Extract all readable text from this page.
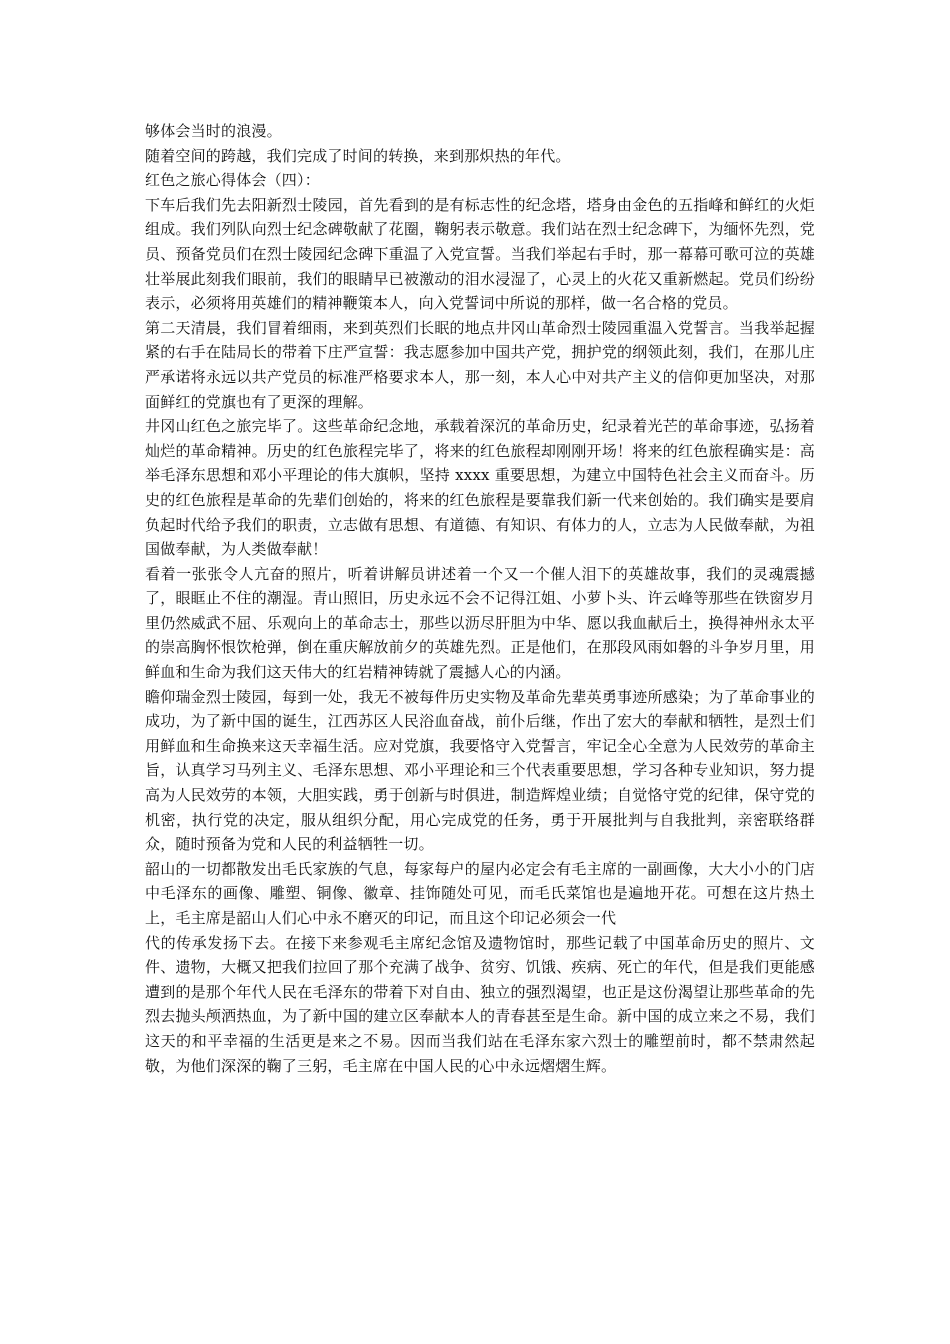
够体会当时的浪漫。

随着空间的跨越，我们完成了时间的转换，来到那炽热的年代。

红色之旅心得体会（四）：

下车后我们先去阳新烈士陵园，首先看到的是有标志性的纪念塔，塔身由金色的五指峰和鲜红的火炬组成。我们列队向烈士纪念碑敬献了花圈，鞠躬表示敬意。我们站在烈士纪念碑下，为缅怀先烈，党员、预备党员们在烈士陵园纪念碑下重温了入党宣誓。当我们举起右手时，那一幕幕可歌可泣的英雄壮举展此刻我们眼前，我们的眼睛早已被激动的泪水浸湿了，心灵上的火花又重新燃起。党员们纷纷表示，必须将用英雄们的精神鞭策本人，向入党誓词中所说的那样，做一名合格的党员。

第二天清晨，我们冒着细雨，来到英烈们长眠的地点井冈山革命烈士陵园重温入党誓言。当我举起握紧的右手在陆局长的带着下庄严宣誓：我志愿参加中国共产党，拥护党的纲领此刻，我们，在那儿庄严承诺将永远以共产党员的标准严格要求本人，那一刻，本人心中对共产主义的信仰更加坚决，对那面鲜红的党旗也有了更深的理解。

井冈山红色之旅完毕了。这些革命纪念地，承载着深沉的革命历史，纪录着光芒的革命事迹，弘扬着灿烂的革命精神。历史的红色旅程完毕了，将来的红色旅程却刚刚开场！将来的红色旅程确实是：高举毛泽东思想和邓小平理论的伟大旗帜，坚持 xxxx 重要思想，为建立中国特色社会主义而奋斗。历史的红色旅程是革命的先辈们创始的，将来的红色旅程是要靠我们新一代来创始的。我们确实是要肩负起时代给予我们的职责，立志做有思想、有道德、有知识、有体力的人，立志为人民做奉献，为祖国做奉献，为人类做奉献！

看着一张张令人亢奋的照片，听着讲解员讲述着一个又一个催人泪下的英雄故事，我们的灵魂震撼了，眼眶止不住的潮湿。青山照旧，历史永远不会不记得江姐、小萝卜头、许云峰等那些在铁窗岁月里仍然威武不屈、乐观向上的革命志士，那些以沥尽肝胆为中华、愿以我血献后土，换得神州永太平的崇高胸怀恨饮枪弹，倒在重庆解放前夕的英雄先烈。正是他们，在那段风雨如磐的斗争岁月里，用鲜血和生命为我们这天伟大的红岩精神铸就了震撼人心的内涵。

瞻仰瑞金烈士陵园，每到一处，我无不被每件历史实物及革命先辈英勇事迹所感染；为了革命事业的成功，为了新中国的诞生，江西苏区人民浴血奋战，前仆后继，作出了宏大的奉献和牺牲，是烈士们用鲜血和生命换来这天幸福生活。应对党旗，我要恪守入党誓言，牢记全心全意为人民效劳的革命主旨，认真学习马列主义、毛泽东思想、邓小平理论和三个代表重要思想，学习各种专业知识，努力提高为人民效劳的本领，大胆实践，勇于创新与时俱进，制造辉煌业绩；自觉恪守党的纪律，保守党的机密，执行党的决定，服从组织分配，用心完成党的任务，勇于开展批判与自我批判，亲密联络群众，随时预备为党和人民的利益牺牲一切。

韶山的一切都散发出毛氏家族的气息，每家每户的屋内必定会有毛主席的一副画像，大大小小的门店中毛泽东的画像、雕塑、铜像、徽章、挂饰随处可见，而毛氏菜馆也是遍地开花。可想在这片热土上，毛主席是韶山人们心中永不磨灭的印记，而且这个印记必须会一代

代的传承发扬下去。在接下来参观毛主席纪念馆及遗物馆时，那些记载了中国革命历史的照片、文件、遗物，大概又把我们拉回了那个充满了战争、贫穷、饥饿、疾病、死亡的年代，但是我们更能感遭到的是那个年代人民在毛泽东的带着下对自由、独立的强烈渴望，也正是这份渴望让那些革命的先烈去抛头颅洒热血，为了新中国的建立区奉献本人的青春甚至是生命。新中国的成立来之不易，我们这天的和平幸福的生活更是来之不易。因而当我们站在毛泽东家六烈士的雕塑前时，都不禁肃然起敬，为他们深深的鞠了三躬，毛主席在中国人民的心中永远熠熠生辉。
